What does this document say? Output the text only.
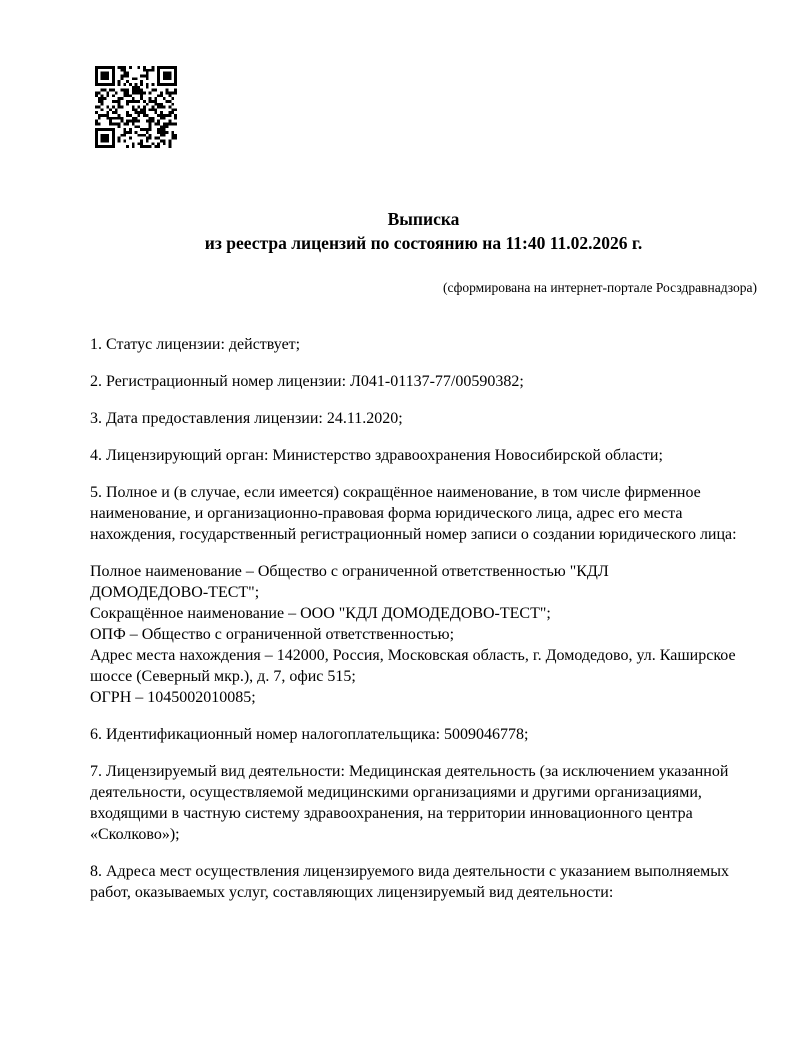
Выписка
из реестра лицензий по состоянию на 11:40 11.02.2026 г.
(сформирована на интернет-портале Росздравнадзора)

1. Статус лицензии: действует;

2. Регистрационный номер лицензии: Л041-01137-77/00590382;

3. Дата предоставления лицензии: 24.11.2020;

4. Лицензирующий орган: Министерство здравоохранения Новосибирской области;

5. Полное и (в случае, если имеется) сокращённое наименование, в том числе фирменное наименование, и организационно-правовая форма юридического лица, адрес его места нахождения, государственный регистрационный номер записи о создании юридического лица:

Полное наименование – Общество с ограниченной ответственностью "КДЛ
ДОМОДЕДОВО-ТЕСТ";
Сокращённое наименование – ООО "КДЛ ДОМОДЕДОВО-ТЕСТ";
ОПФ – Общество с ограниченной ответственностью;
Адрес места нахождения – 142000, Россия, Московская область, г. Домодедово, ул. Каширское
шоссе (Северный мкр.), д. 7, офис 515;
ОГРН – 1045002010085;

6. Идентификационный номер налогоплательщика: 5009046778;

7. Лицензируемый вид деятельности: Медицинская деятельность (за исключением указанной деятельности, осуществляемой медицинскими организациями и другими организациями, входящими в частную систему здравоохранения, на территории инновационного центра «Сколково»);

8. Адреса мест осуществления лицензируемого вида деятельности с указанием выполняемых работ, оказываемых услуг, составляющих лицензируемый вид деятельности:
